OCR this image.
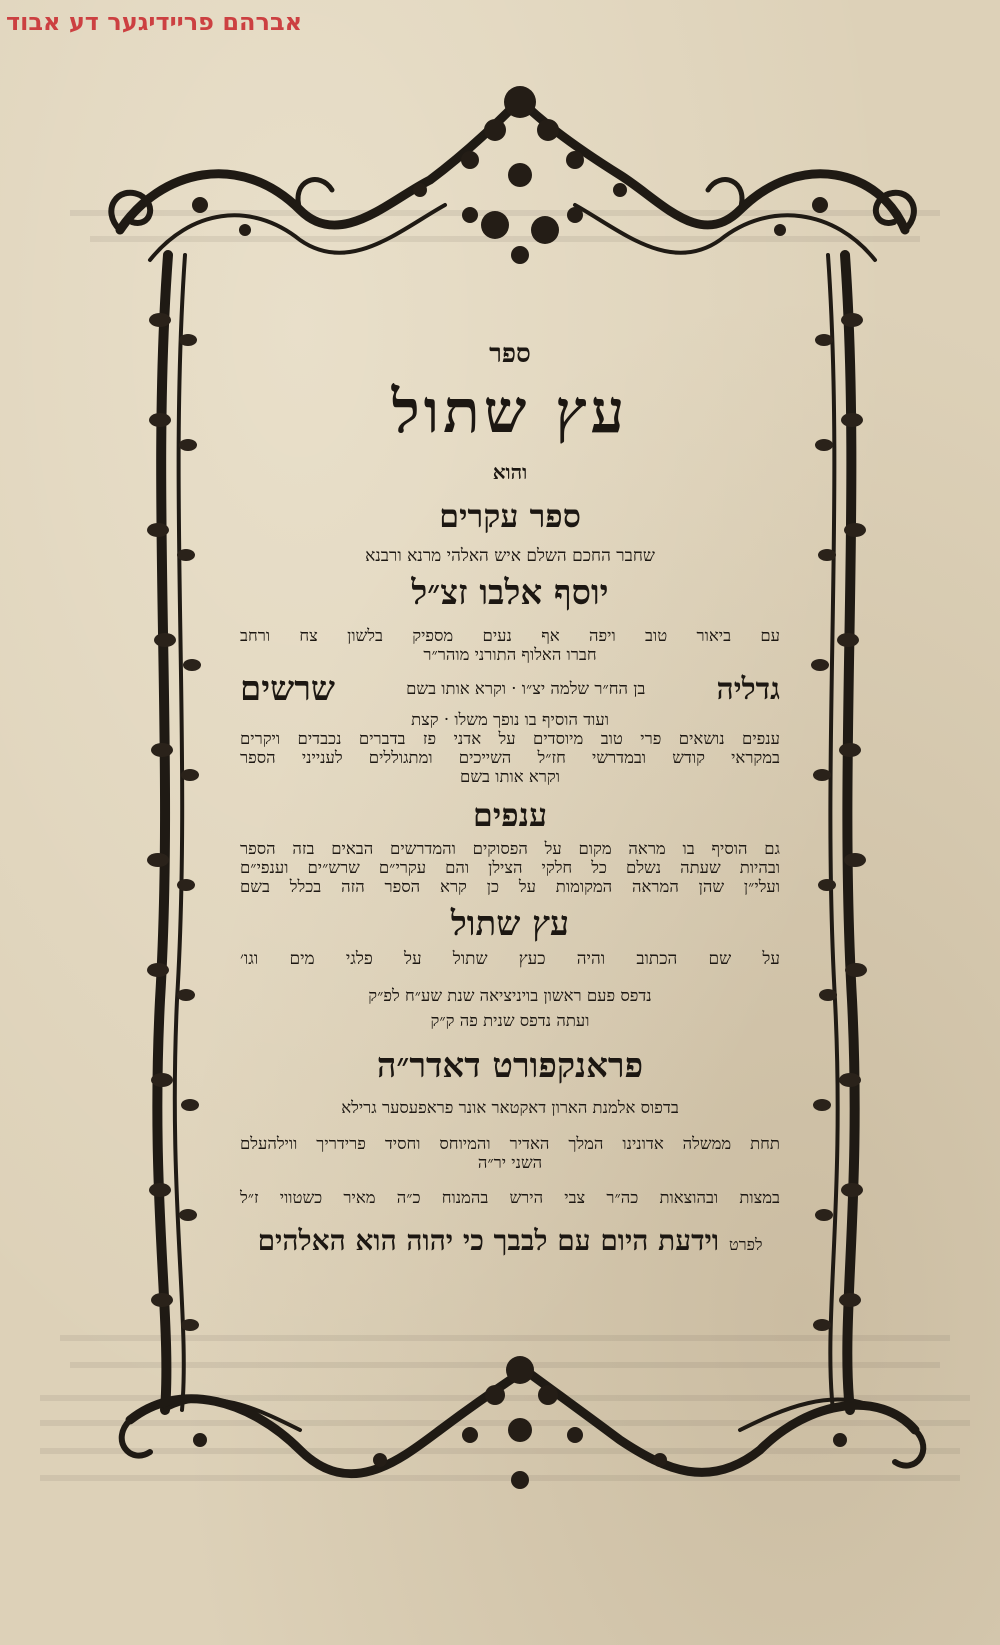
אברהם פריידיגער דע אבוד
ספר
עץ שתול
והוא
ספר עקרים
שחבר החכם השלם איש האלהי מרנא ורבנא
יוסף אלבו זצ״ל
עם ביאור טוב ויפה אף נעים מספיק בלשון צח ורחב
חברו האלוף התורני מוהר״ר
גדליה
בן הח״ר שלמה יצ״ו · וקרא אותו בשם
שרשים
ועוד הוסיף בו נופך משלו · קצת
ענפים נושאים פרי טוב מיוסדים על אדני פז בדברים נכבדים ויקרים
במקראי קודש ובמדרשי חז״ל השייכים ומתגוללים לענייני הספר
וקרא אותו בשם
ענפים
גם הוסיף בו מראה מקום על הפסוקים והמדרשים הבאים בזה הספר
ובהיות שעתה נשלם כל חלקי הצילן והם עקרי״ם שרש״ים וענפי״ם
ועלי״ן שהן המראה המקומות על כן קרא הספר הזה בכלל בשם
עץ שתול
על שם הכתוב והיה כעץ שתול על פלגי מים וגו׳
נדפס פעם ראשון בויניציאה שנת שע״ח לפ״ק
ועתה נדפס שנית פה ק״ק
פראנקפורט דאדר״ה
בדפוס אלמנת הארון דאקטאר אונר פראפעסער גרילא
תחת ממשלה אדונינו המלך האדיר והמיוחס וחסיד פרידריך ווילהעלם
השני יר״ה
במצות ובהוצאות כה״ר צבי הירש בהמנוח כ״ה מאיר כשטווי ז״ל
לפרט
וידעת היום עם לבבך כי יהוה הוא האלהים
